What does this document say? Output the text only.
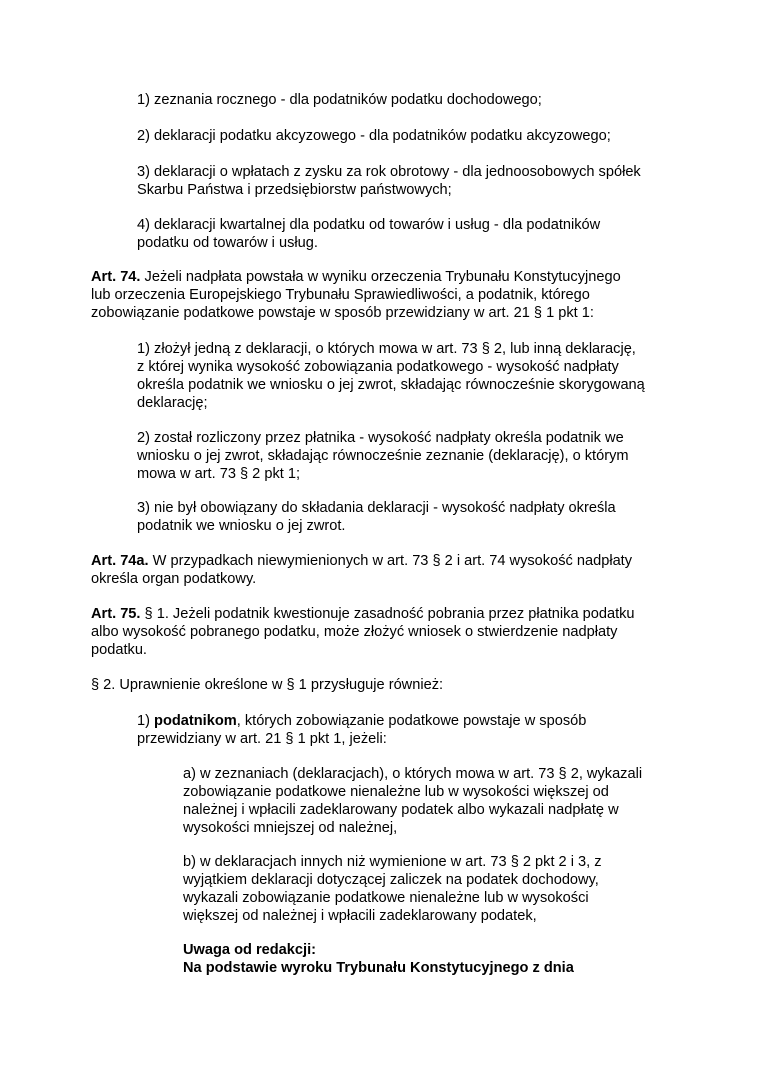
1) zeznania rocznego - dla podatników podatku dochodowego;
2) deklaracji podatku akcyzowego - dla podatników podatku akcyzowego;
3) deklaracji o wpłatach z zysku za rok obrotowy - dla jednoosobowych spółek
Skarbu Państwa i przedsiębiorstw państwowych;
4) deklaracji kwartalnej dla podatku od towarów i usług - dla podatników
podatku od towarów i usług.
Art. 74. Jeżeli nadpłata powstała w wyniku orzeczenia Trybunału Konstytucyjnego
lub orzeczenia Europejskiego Trybunału Sprawiedliwości, a podatnik, którego
zobowiązanie podatkowe powstaje w sposób przewidziany w art. 21 § 1 pkt 1:
1) złożył jedną z deklaracji, o których mowa w art. 73 § 2, lub inną deklarację,
z której wynika wysokość zobowiązania podatkowego - wysokość nadpłaty
określa podatnik we wniosku o jej zwrot, składając równocześnie skorygowaną
deklarację;
2) został rozliczony przez płatnika - wysokość nadpłaty określa podatnik we
wniosku o jej zwrot, składając równocześnie zeznanie (deklarację), o którym
mowa w art. 73 § 2 pkt 1;
3) nie był obowiązany do składania deklaracji - wysokość nadpłaty określa
podatnik we wniosku o jej zwrot.
Art. 74a. W przypadkach niewymienionych w art. 73 § 2 i art. 74 wysokość nadpłaty
określa organ podatkowy.
Art. 75. § 1. Jeżeli podatnik kwestionuje zasadność pobrania przez płatnika podatku
albo wysokość pobranego podatku, może złożyć wniosek o stwierdzenie nadpłaty
podatku.
§ 2. Uprawnienie określone w § 1 przysługuje również:
1) podatnikom, których zobowiązanie podatkowe powstaje w sposób
przewidziany w art. 21 § 1 pkt 1, jeżeli:
a) w zeznaniach (deklaracjach), o których mowa w art. 73 § 2, wykazali
zobowiązanie podatkowe nienależne lub w wysokości większej od
należnej i wpłacili zadeklarowany podatek albo wykazali nadpłatę w
wysokości mniejszej od należnej,
b) w deklaracjach innych niż wymienione w art. 73 § 2 pkt 2 i 3, z
wyjątkiem deklaracji dotyczącej zaliczek na podatek dochodowy,
wykazali zobowiązanie podatkowe nienależne lub w wysokości
większej od należnej i wpłacili zadeklarowany podatek,
Uwaga od redakcji:
Na podstawie wyroku Trybunału Konstytucyjnego z dnia
